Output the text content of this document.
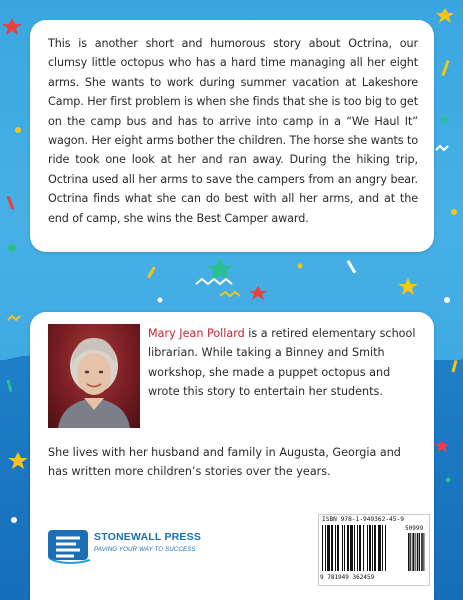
This is another short and humorous story about Octrina, our clumsy little octopus who has a hard time managing all her eight arms. She wants to work during summer vacation at Lakeshore Camp. Her first problem is when she finds that she is too big to get on the camp bus and has to arrive into camp in a “We Haul It” wagon. Her eight arms bother the children. The horse she wants to ride took one look at her and ran away. During the hiking trip, Octrina used all her arms to save the campers from an angry bear. Octrina finds what she can do best with all her arms, and at the end of camp, she wins the Best Camper award.
Mary Jean Pollard is a retired elementary school librarian. While taking a Binney and Smith workshop, she made a puppet octopus and wrote this story to entertain her students.
She lives with her husband and family in Augusta, Georgia and has written more children’s stories over the years.
STONEWALL PRESS
PAVING YOUR WAY TO SUCCESS
ISBN 978-1-949362-45-9
50999
9 781949 362459
